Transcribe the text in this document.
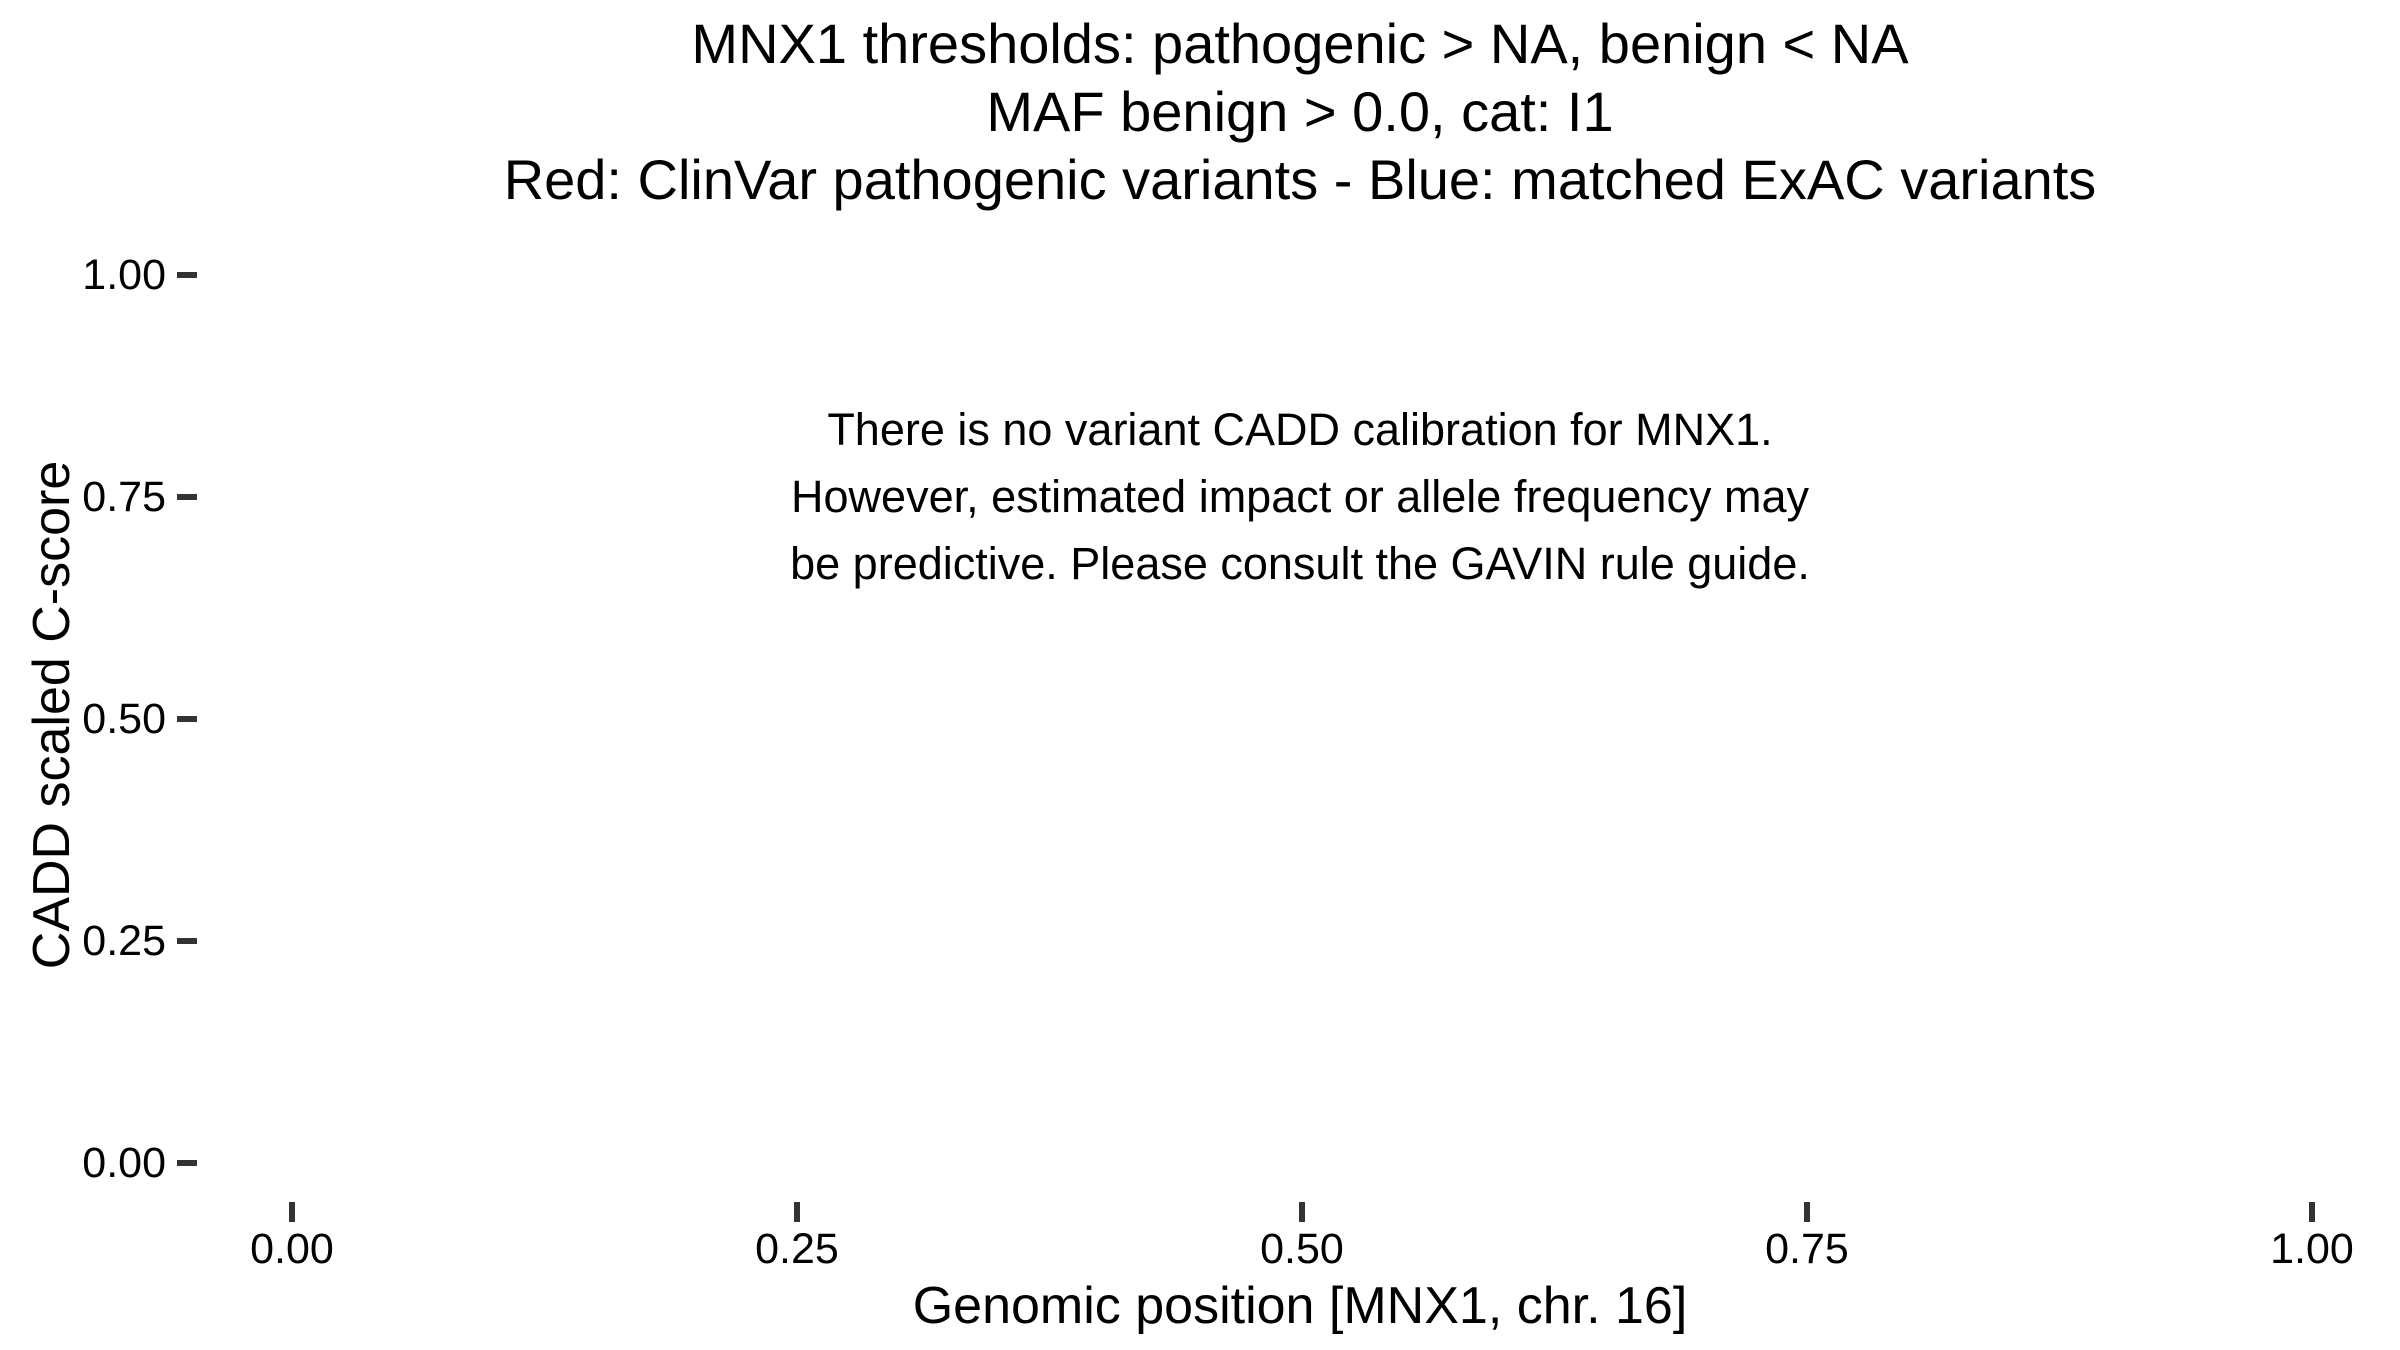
MNX1 thresholds: pathogenic > NA, benign < NA
MAF benign > 0.0, cat: I1
Red: ClinVar pathogenic variants - Blue: matched ExAC variants
There is no variant CADD calibration for MNX1.
However, estimated impact or allele frequency may
be predictive. Please consult the GAVIN rule guide.
CADD scaled C-score
1.00
0.75
0.50
0.25
0.00
0.00	0.25	0.50	0.75	1.00
Genomic position [MNX1, chr. 16]
